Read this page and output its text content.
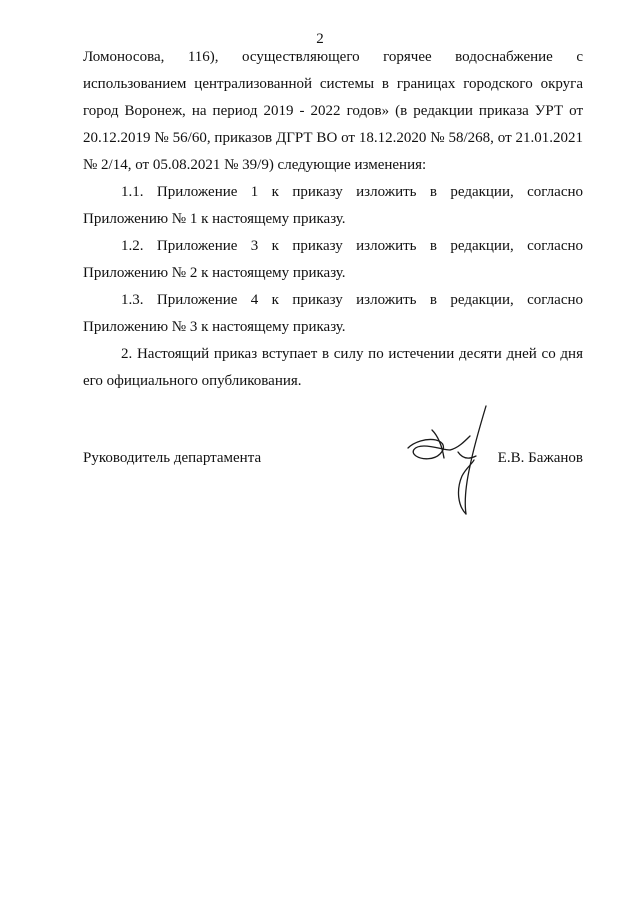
2
Ломоносова, 116), осуществляющего горячее водоснабжение с
использованием централизованной системы в границах городского округа
город Воронеж, на период 2019 - 2022 годов» (в редакции приказа УРТ от
20.12.2019 № 56/60, приказов ДГРТ ВО от 18.12.2020 № 58/268, от 21.01.2021
№ 2/14, от 05.08.2021 № 39/9) следующие изменения:
1.1. Приложение 1 к приказу изложить в редакции, согласно
Приложению № 1 к настоящему приказу.
1.2. Приложение 3 к приказу изложить в редакции, согласно
Приложению № 2 к настоящему приказу.
1.3. Приложение 4 к приказу изложить в редакции, согласно
Приложению № 3 к настоящему приказу.
2. Настоящий приказ вступает в силу по истечении десяти дней со дня
его официального опубликования.
Руководитель департамента	Е.В. Бажанов
